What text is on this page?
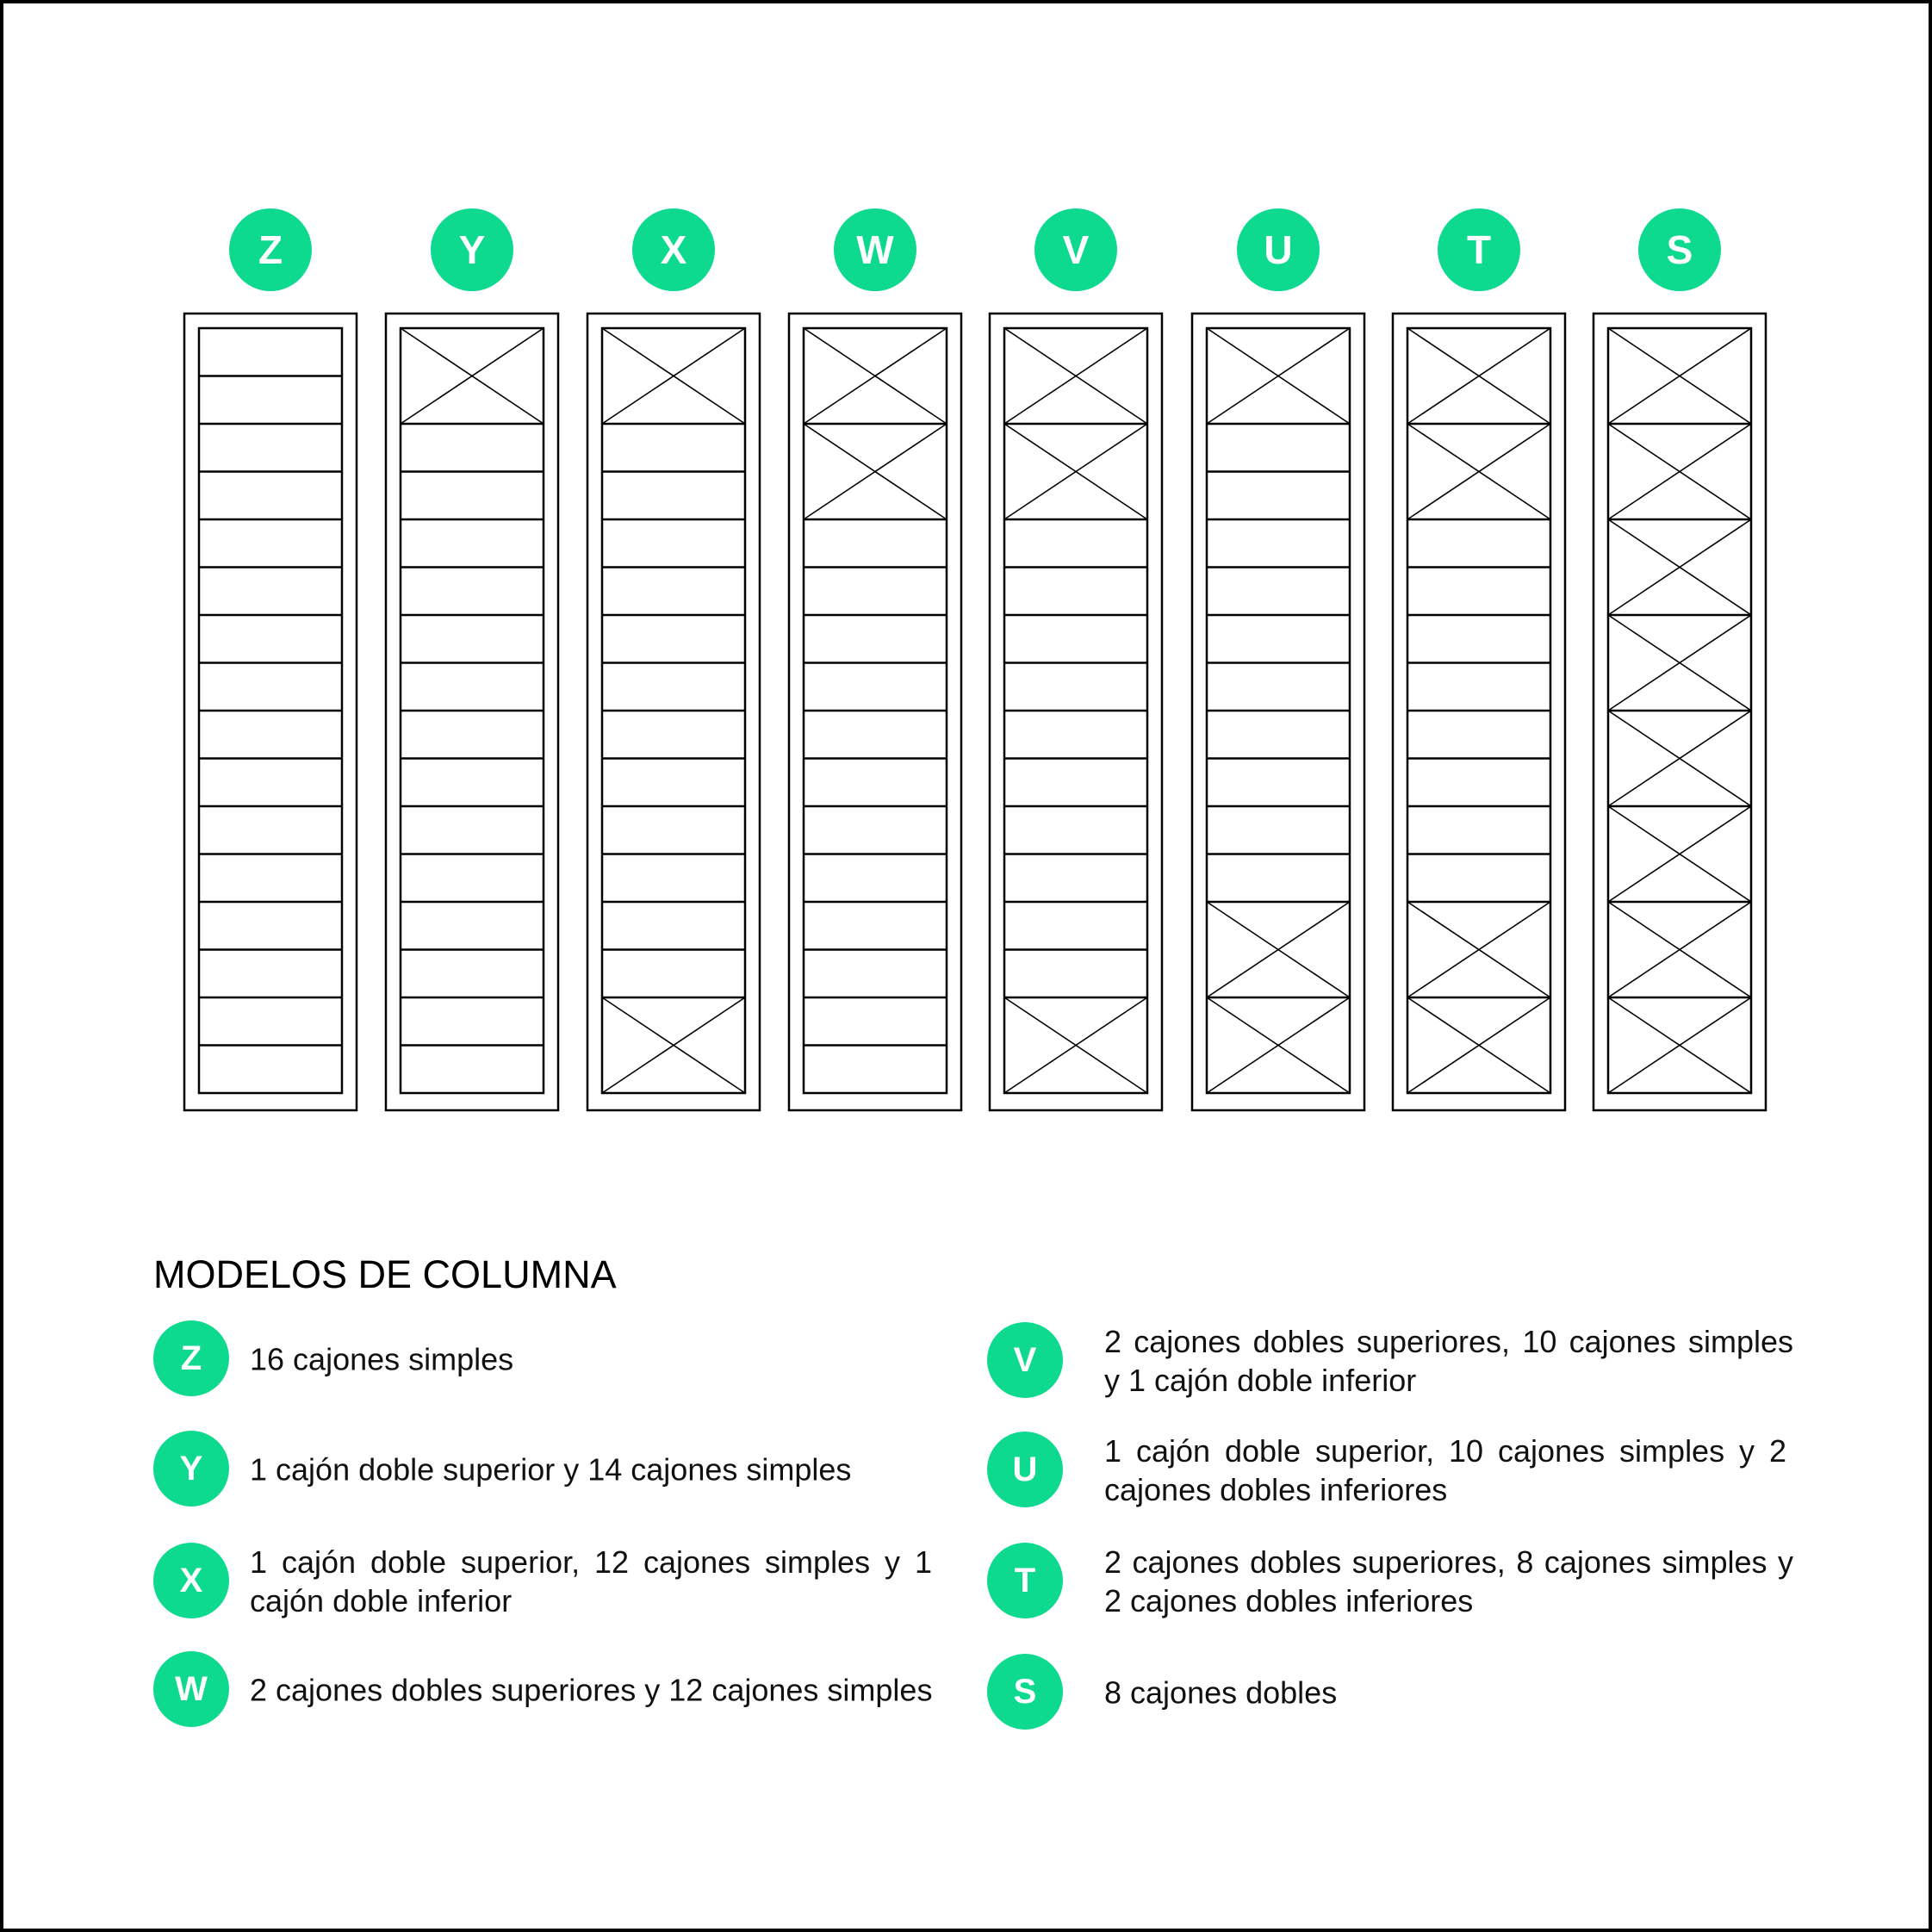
Z	Y	X	W	V	U	T	S
MODELOS DE COLUMNA
Z	16 cajones simples
Y	1 cajón doble superior y 14 cajones simples
X	1 cajón doble superior, 12 cajones simples y 1 cajón doble inferior
W	2 cajones dobles superiores y 12 cajones simples
V	2 cajones dobles superiores, 10 cajones simples y 1 cajón doble inferior
U	1 cajón doble superior, 10 cajones simples y 2 cajones dobles inferiores
T	2 cajones dobles superiores, 8 cajones simples y 2 cajones dobles inferiores
S	8 cajones dobles
